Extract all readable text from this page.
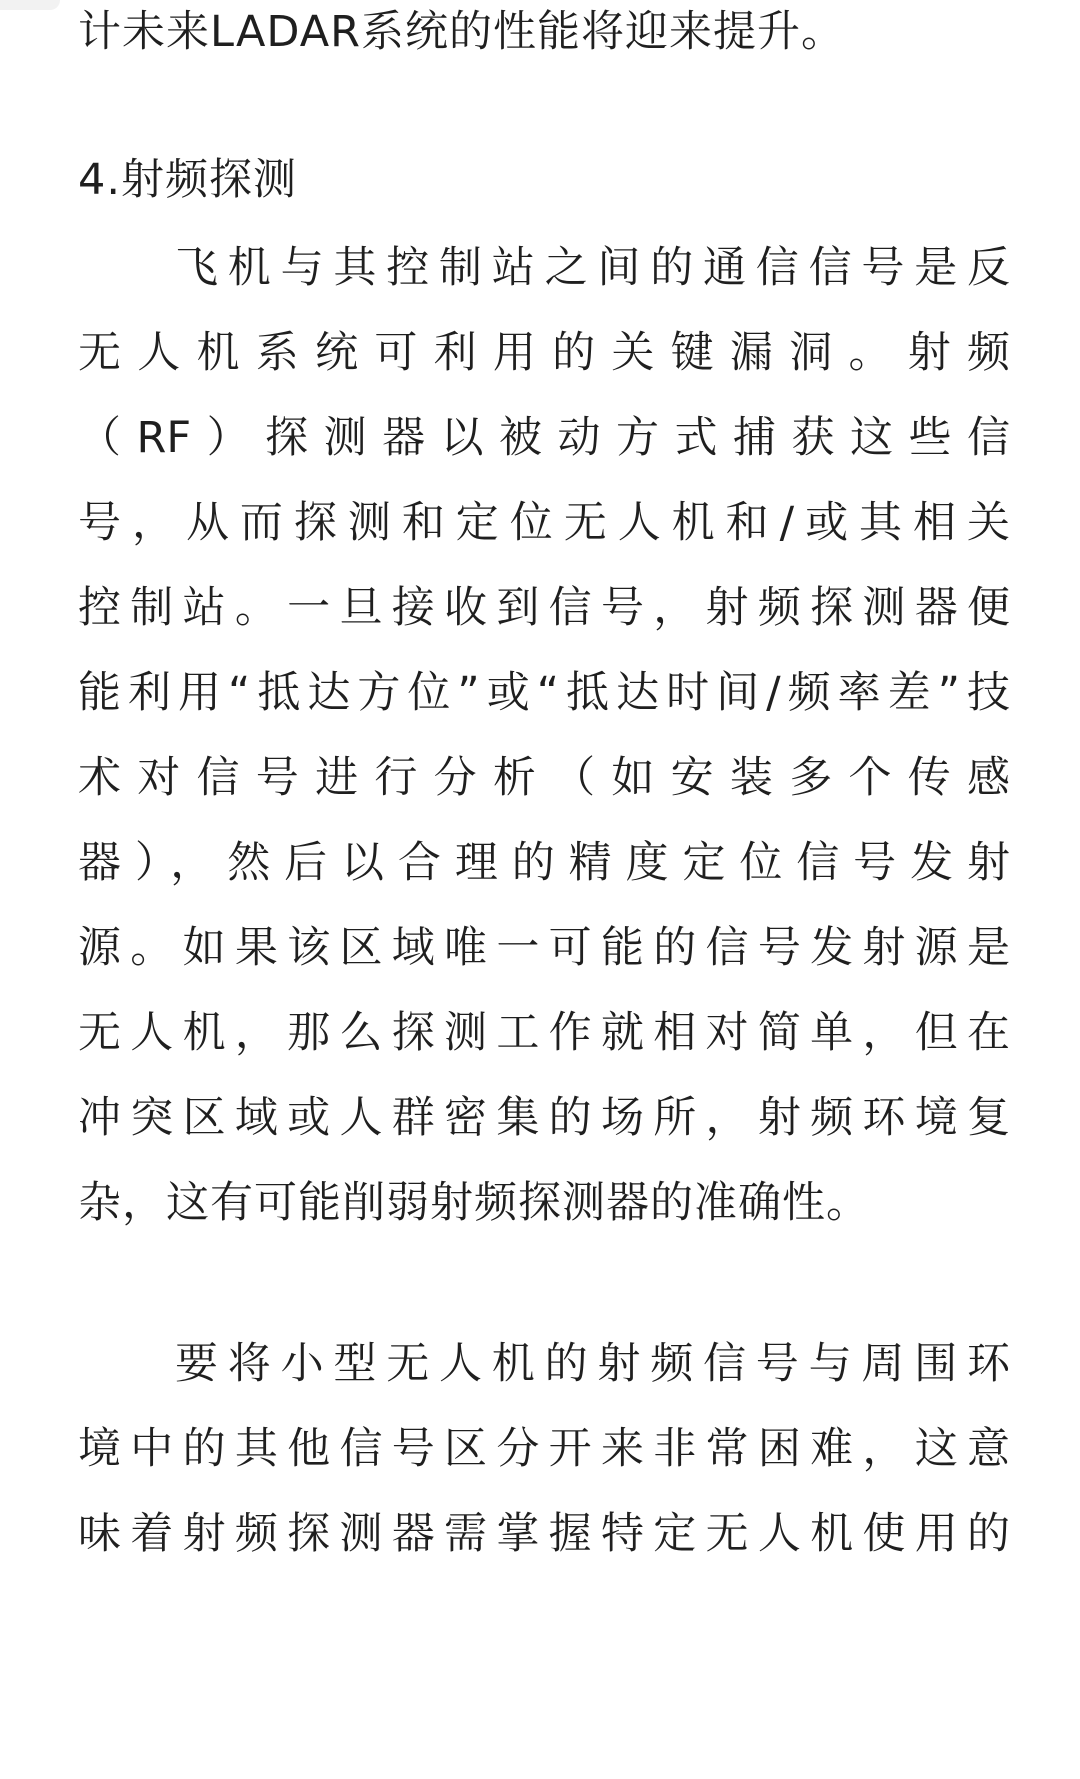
计未来LADAR系统的性能将迎来提升。
4.射频探测
飞机与其控制站之间的通信信号是反
无人机系统可利用的关键漏洞。射频
（RF）探测器以被动方式捕获这些信
号，从而探测和定位无人机和/或其相关
控制站。一旦接收到信号，射频探测器便
能利用“抵达方位”或“抵达时间/频率差”技
术对信号进行分析（如安装多个传感
器），然后以合理的精度定位信号发射
源。如果该区域唯一可能的信号发射源是
无人机，那么探测工作就相对简单，但在
冲突区域或人群密集的场所，射频环境复
杂，这有可能削弱射频探测器的准确性。
要将小型无人机的射频信号与周围环
境中的其他信号区分开来非常困难，这意
味着射频探测器需掌握特定无人机使用的
